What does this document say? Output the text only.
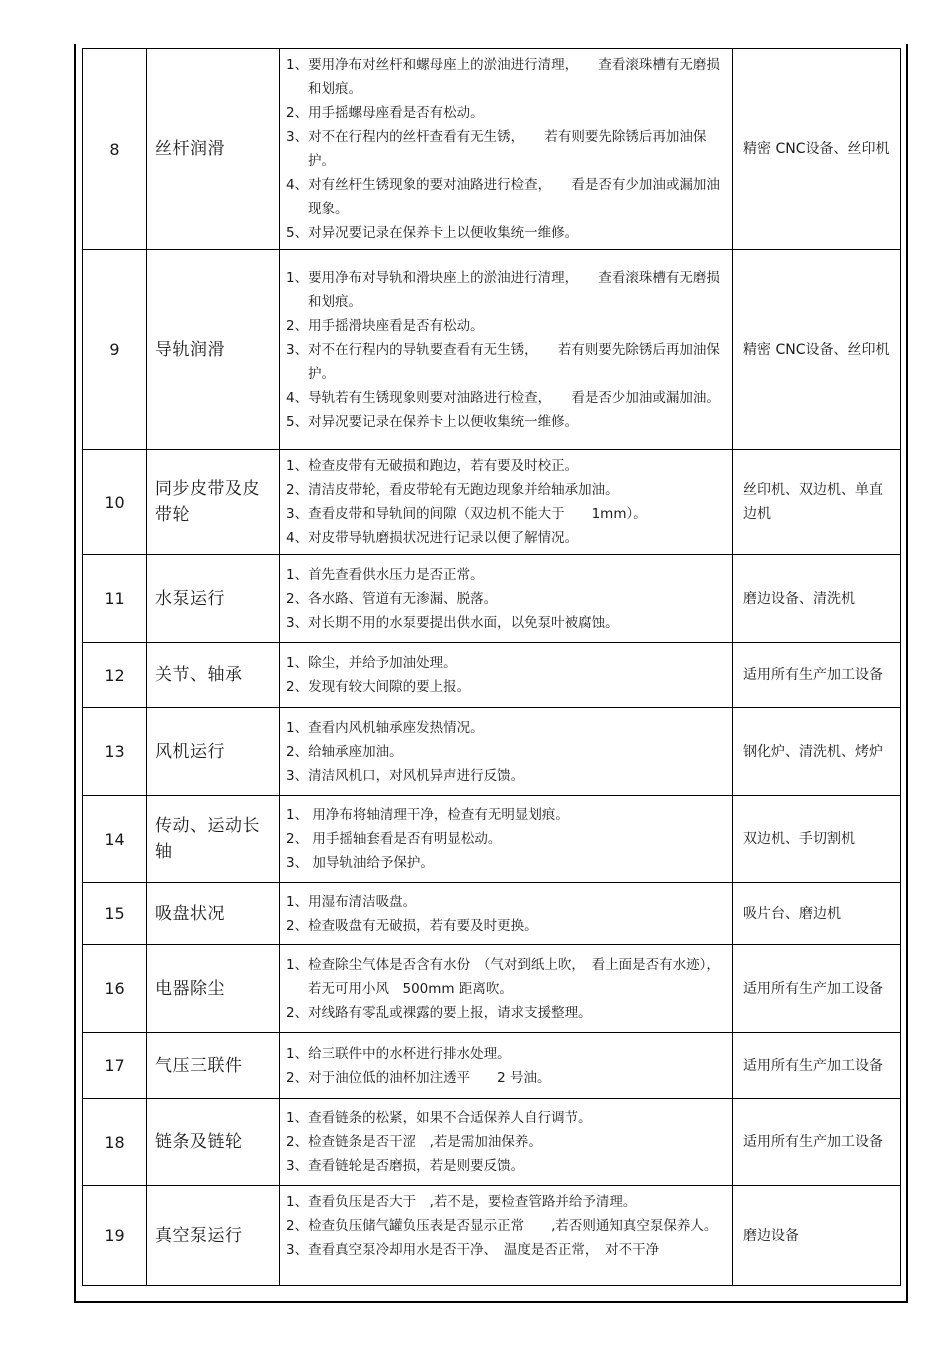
8	丝杆润滑	1、要用净布对丝杆和螺母座上的淤油进行清理，　　查看滚珠槽有无磨损和划痕。
2、用手摇螺母座看是否有松动。
3、对不在行程内的丝杆查看有无生锈，　　若有则要先除锈后再加油保护。
4、对有丝杆生锈现象的要对油路进行检查，　　看是否有少加油或漏加油现象。
5、对异况要记录在保养卡上以便收集统一维修。	精密 CNC设备、丝印机
9	导轨润滑	1、要用净布对导轨和滑块座上的淤油进行清理，　　查看滚珠槽有无磨损和划痕。
2、用手摇滑块座看是否有松动。
3、对不在行程内的导轨要查看有无生锈，　　若有则要先除锈后再加油保护。
4、导轨若有生锈现象则要对油路进行检查，　　看是否少加油或漏加油。
5、对异况要记录在保养卡上以便收集统一维修。	精密 CNC设备、丝印机
10	同步皮带及皮带轮	1、检查皮带有无破损和跑边，若有要及时校正。
2、清洁皮带轮，看皮带轮有无跑边现象并给轴承加油。
3、查看皮带和导轨间的间隙（双边机不能大于　　1mm）。
4、对皮带导轨磨损状况进行记录以便了解情况。	丝印机、双边机、单直边机
11	水泵运行	1、首先查看供水压力是否正常。
2、各水路、管道有无渗漏、脱落。
3、对长期不用的水泵要提出供水面，以免泵叶被腐蚀。	磨边设备、清洗机
12	关节、轴承	1、除尘，并给予加油处理。
2、发现有较大间隙的要上报。	适用所有生产加工设备
13	风机运行	1、查看内风机轴承座发热情况。
2、给轴承座加油。
3、清洁风机口，对风机异声进行反馈。	钢化炉、清洗机、烤炉
14	传动、运动长轴	1、 用净布将轴清理干净，检查有无明显划痕。
2、 用手摇轴套看是否有明显松动。
3、 加导轨油给予保护。	双边机、手切割机
15	吸盘状况	1、用湿布清洁吸盘。
2、检查吸盘有无破损，若有要及时更换。	吸片台、磨边机
16	电器除尘	1、检查除尘气体是否含有水份　（气对到纸上吹，　看上面是否有水迹），若无可用小风　500mm 距离吹。
2、对线路有零乱或裸露的要上报，请求支援整理。	适用所有生产加工设备
17	气压三联件	1、给三联件中的水杯进行排水处理。
2、对于油位低的油杯加注透平　　2 号油。	适用所有生产加工设备
18	链条及链轮	1、查看链条的松紧，如果不合适保养人自行调节。
2、检查链条是否干涩　,若是需加油保养。
3、查看链轮是否磨损，若是则要反馈。	适用所有生产加工设备
19	真空泵运行	1、查看负压是否大于　,若不是，要检查管路并给予清理。
2、检查负压储气罐负压表是否显示正常　　,若否则通知真空泵保养人。
3、查看真空泵冷却用水是否干净、　温度是否正常，　对不干净	磨边设备
